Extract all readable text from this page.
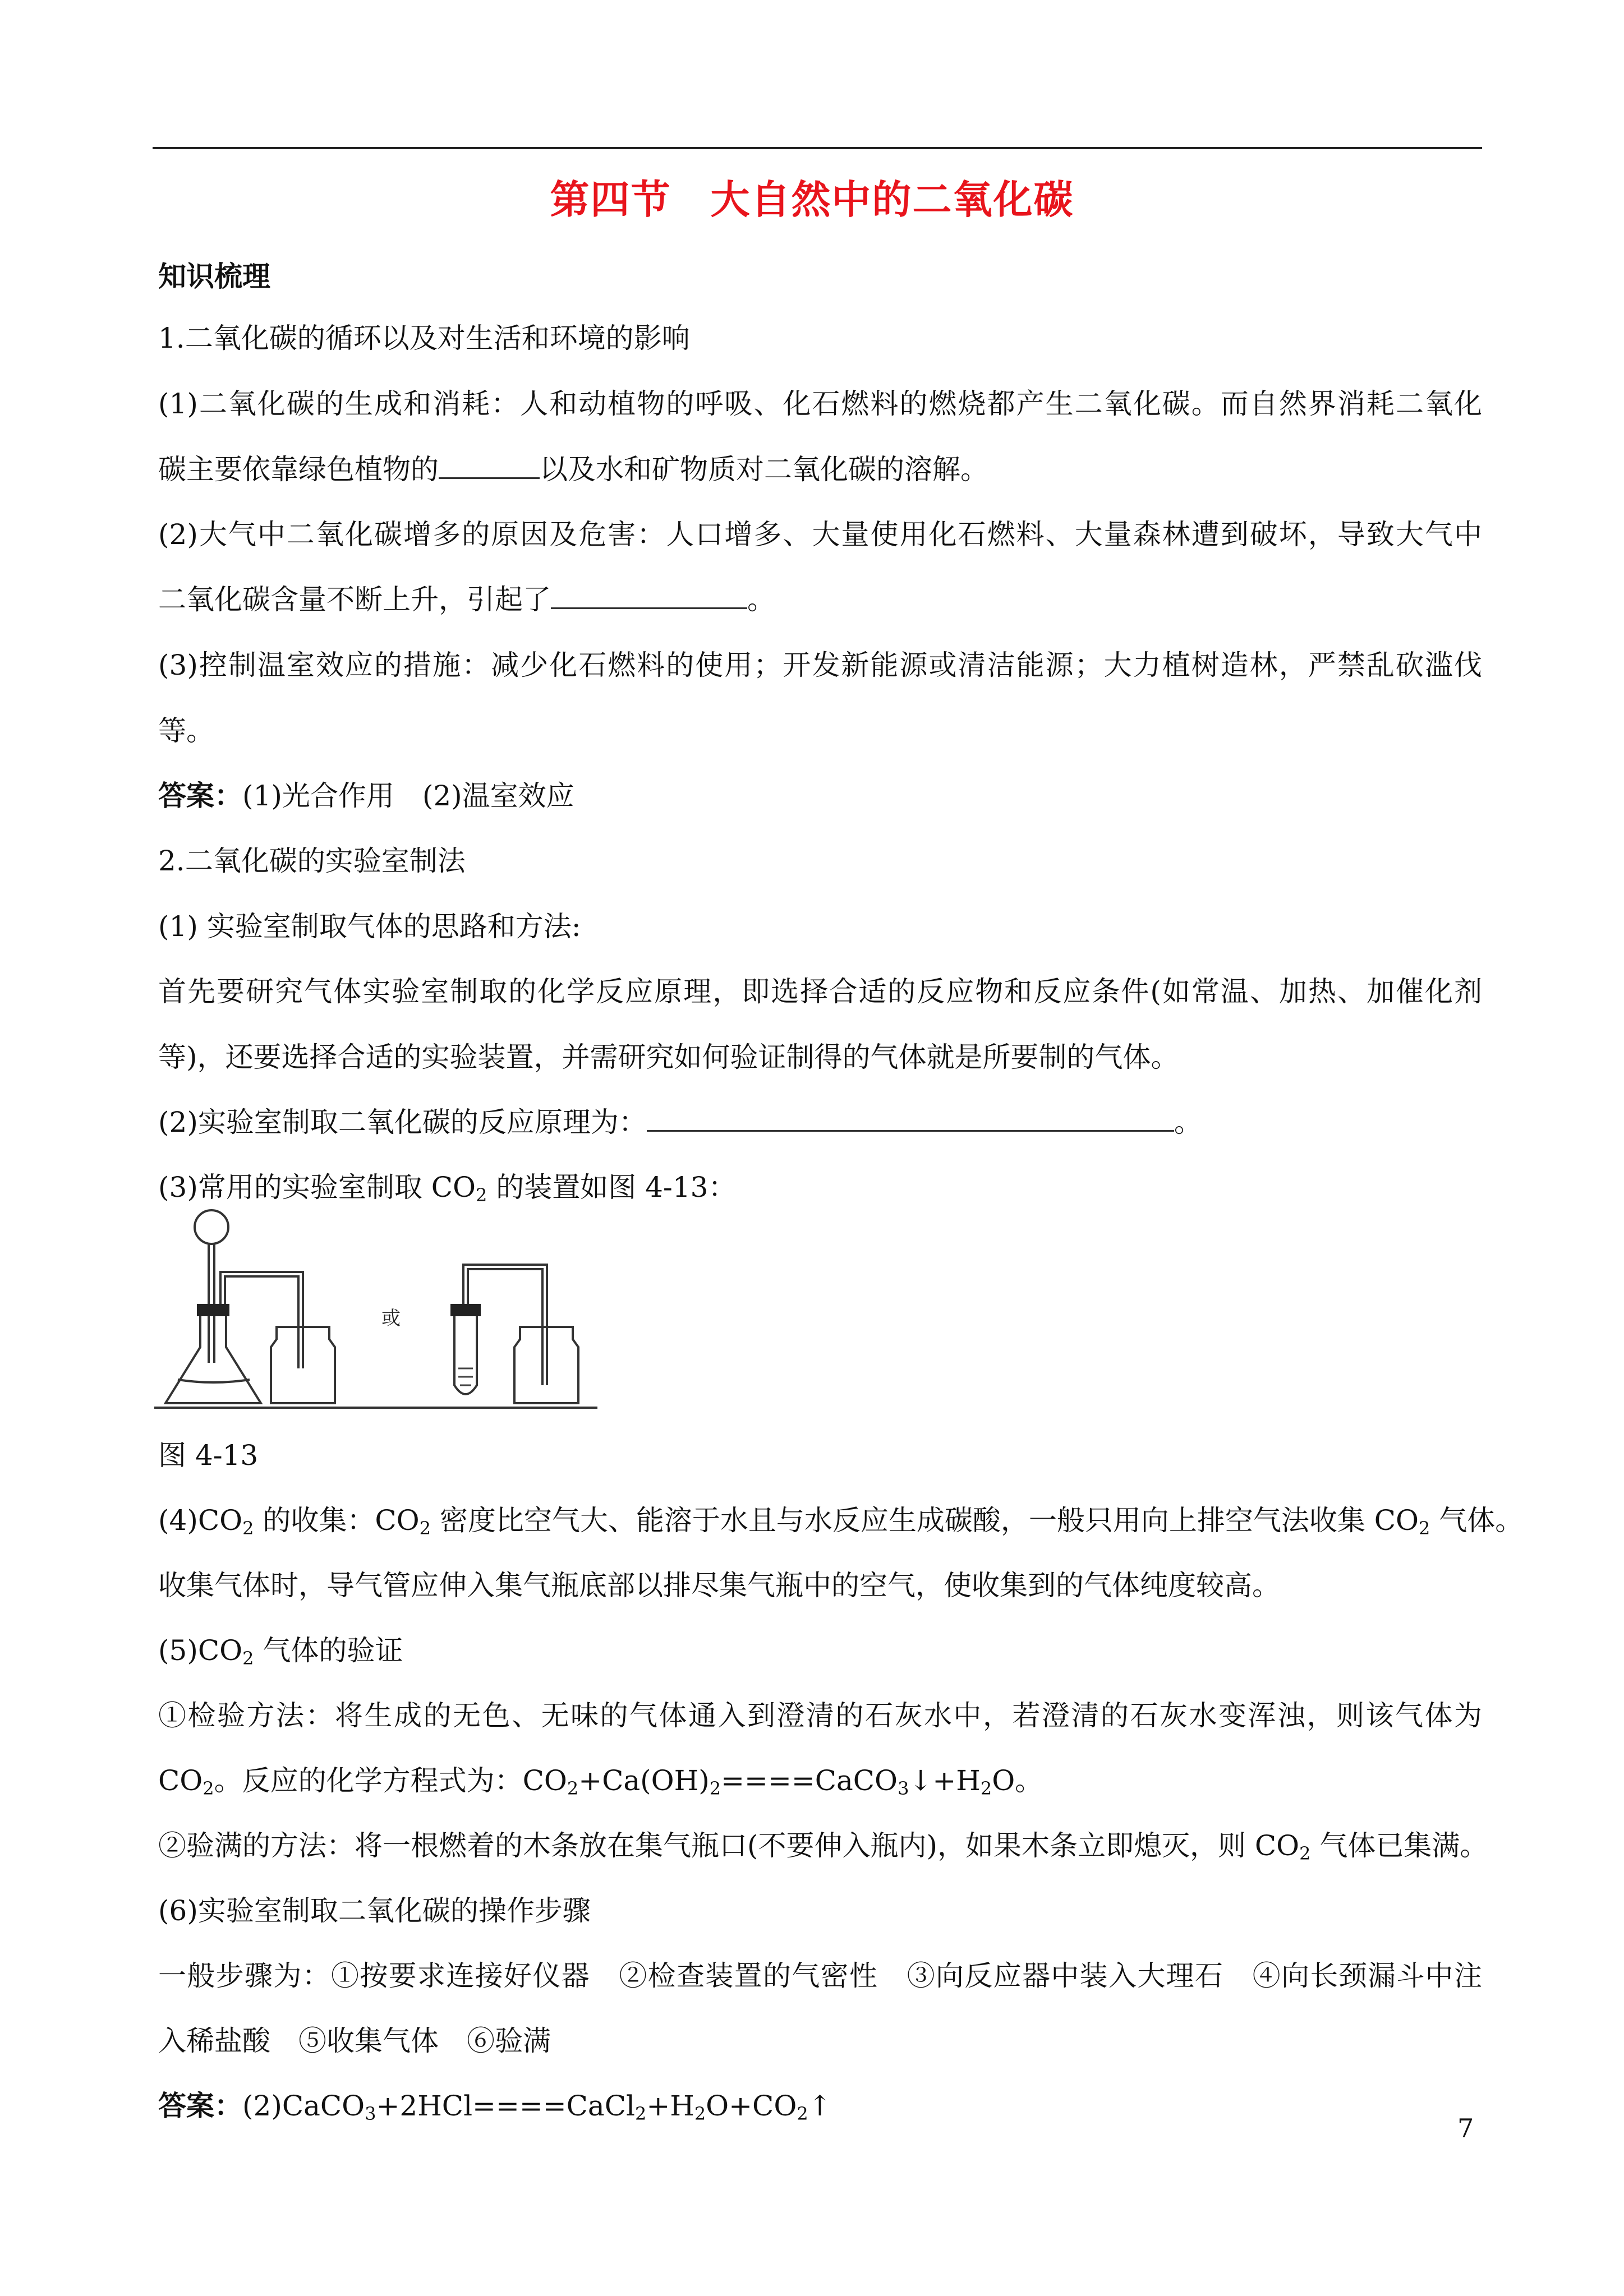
第四节 大自然中的二氧化碳
知识梳理
1.二氧化碳的循环以及对生活和环境的影响
(1)二氧化碳的生成和消耗：人和动植物的呼吸、化石燃料的燃烧都产生二氧化碳。而自然界消耗二氧化
碳主要依靠绿色植物的	以及水和矿物质对二氧化碳的溶解。
(2)大气中二氧化碳增多的原因及危害：人口增多、大量使用化石燃料、大量森林遭到破坏，导致大气中
二氧化碳含量不断上升，引起了	。
(3)控制温室效应的措施：减少化石燃料的使用；开发新能源或清洁能源；大力植树造林，严禁乱砍滥伐
等。
答案：(1)光合作用　(2)温室效应
2.二氧化碳的实验室制法
(1) 实验室制取气体的思路和方法:
首先要研究气体实验室制取的化学反应原理，即选择合适的反应物和反应条件(如常温、加热、加催化剂
等)，还要选择合适的实验装置，并需研究如何验证制得的气体就是所要制的气体。
(2)实验室制取二氧化碳的反应原理为：	。
(3)常用的实验室制取 $CO_2$ 的装置如图 4-13：
或
图 4-13
$(4)CO_2$ 的收集：$CO_2$ 密度比空气大、能溶于水且与水反应生成碳酸，一般只用向上排空气法收集 $CO_2$ 气体。
收集气体时，导气管应伸入集气瓶底部以排尽集气瓶中的空气，使收集到的气体纯度较高。
$(5)CO_2$ 气体的验证
①检验方法：将生成的无色、无味的气体通入到澄清的石灰水中，若澄清的石灰水变浑浊，则该气体为
$CO_2$。反应的化学方程式为：$CO_2+Ca(OH)_2====CaCO_3↓+H_2O$。
②验满的方法：将一根燃着的木条放在集气瓶口(不要伸入瓶内)，如果木条立即熄灭，则 $CO_2$ 气体已集满。
(6)实验室制取二氧化碳的操作步骤
一般步骤为：①按要求连接好仪器　②检查装置的气密性　③向反应器中装入大理石　④向长颈漏斗中注
入稀盐酸　⑤收集气体　⑥验满
答案：$(2)CaCO_3+2HCl====CaCl_2+H_2O+CO_2↑$
7
